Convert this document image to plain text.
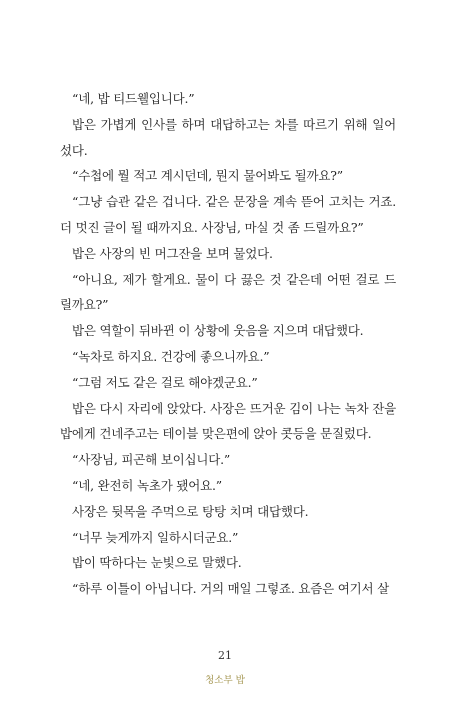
“네, 밥 티드웰입니다.”

밥은 가볍게 인사를 하며 대답하고는 차를 따르기 위해 일어섰다.

“수첩에 뭘 적고 계시던데, 뭔지 물어봐도 될까요?”

“그냥 습관 같은 겁니다. 같은 문장을 계속 뜯어 고치는 거죠. 더 멋진 글이 될 때까지요. 사장님, 마실 것 좀 드릴까요?”

밥은 사장의 빈 머그잔을 보며 물었다.

“아니요, 제가 할게요. 물이 다 끓은 것 같은데 어떤 걸로 드릴까요?”

밥은 역할이 뒤바뀐 이 상황에 웃음을 지으며 대답했다.

“녹차로 하지요. 건강에 좋으니까요.”

“그럼 저도 같은 걸로 해야겠군요.”

밥은 다시 자리에 앉았다. 사장은 뜨거운 김이 나는 녹차 잔을 밥에게 건네주고는 테이블 맞은편에 앉아 콧등을 문질렀다.

“사장님, 피곤해 보이십니다.”

“네, 완전히 녹초가 됐어요.”

사장은 뒷목을 주먹으로 탕탕 치며 대답했다.

“너무 늦게까지 일하시더군요.”

밥이 딱하다는 눈빛으로 말했다.

“하루 이틀이 아닙니다. 거의 매일 그렇죠. 요즘은 여기서 살

21
청소부 밥
